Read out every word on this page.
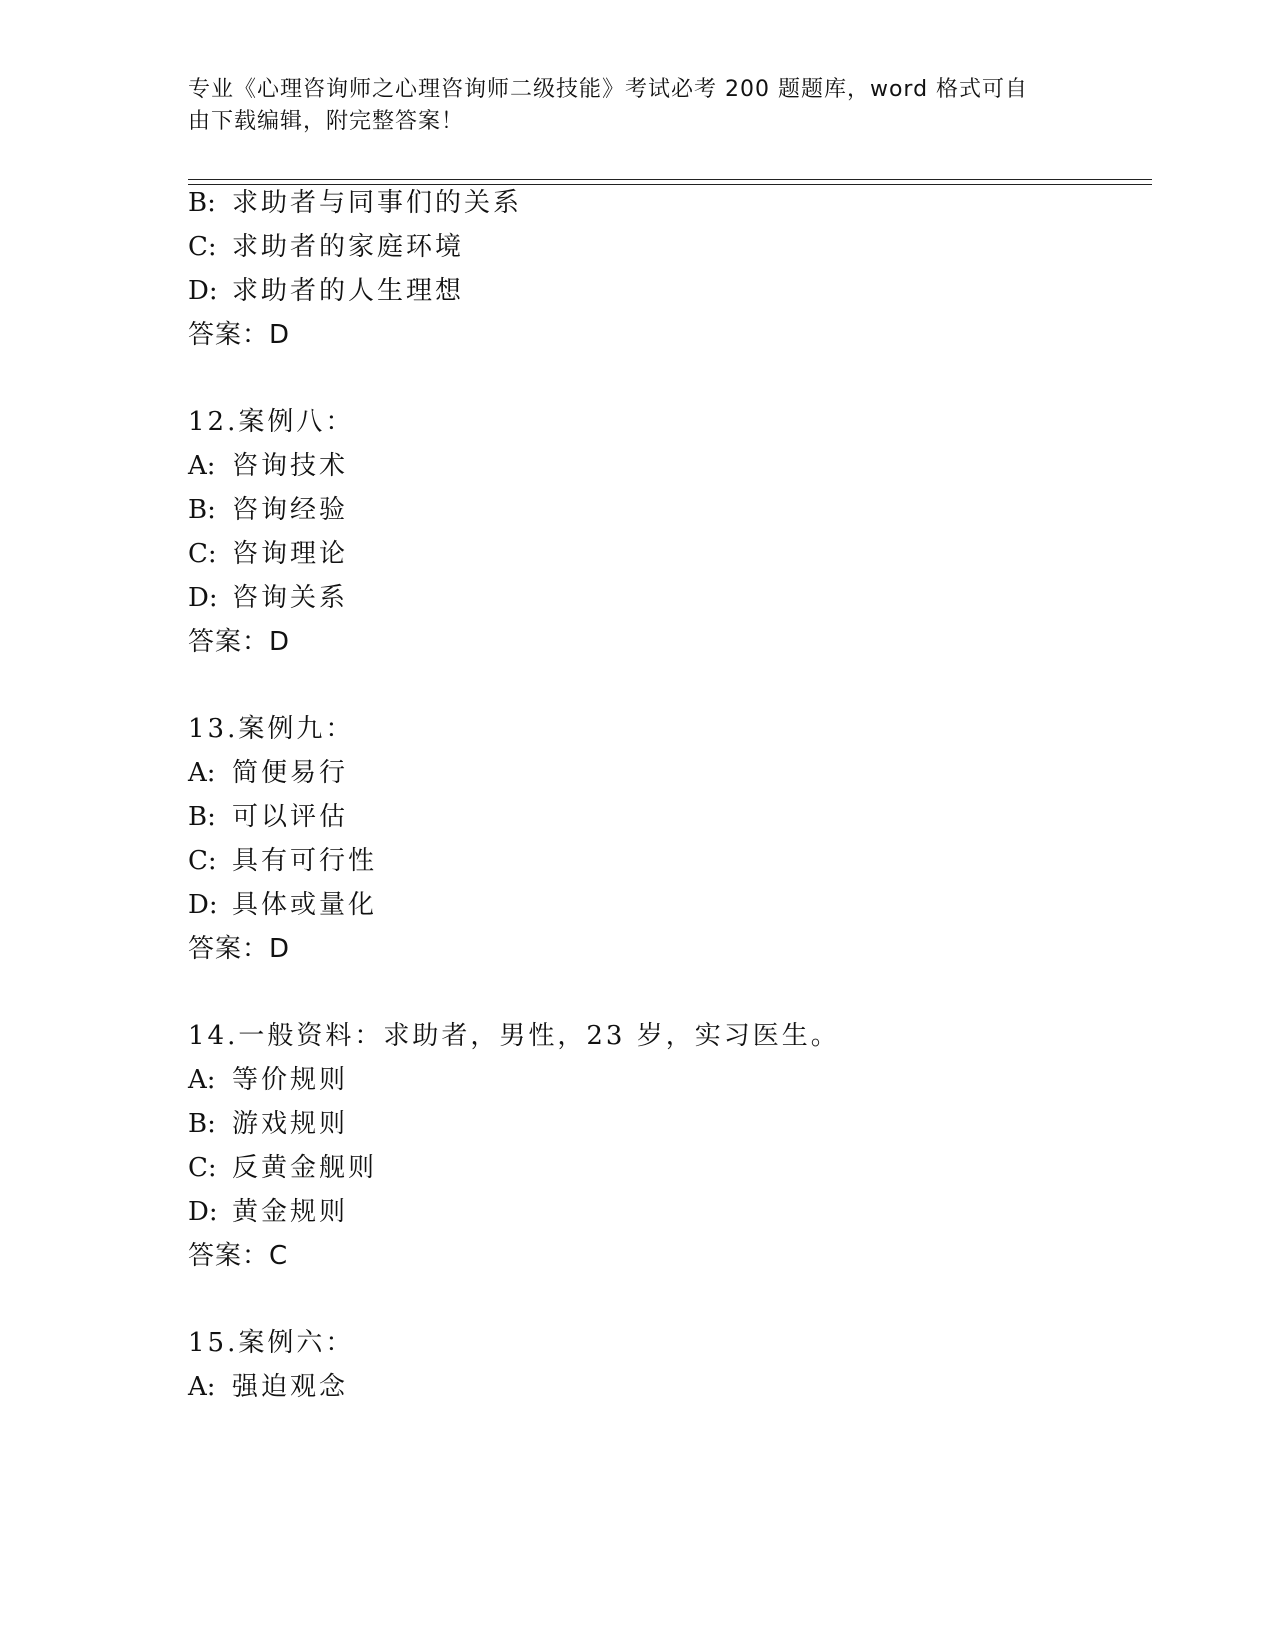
专业《心理咨询师之心理咨询师二级技能》考试必考 200 题题库，word 格式可自
由下载编辑，附完整答案！
B: 求助者与同事们的关系
C: 求助者的家庭环境
D: 求助者的人生理想
答案：D
12.案例八：
A: 咨询技术
B: 咨询经验
C: 咨询理论
D: 咨询关系
答案：D
13.案例九：
A: 简便易行
B: 可以评估
C: 具有可行性
D: 具体或量化
答案：D
14.一般资料：求助者，男性，23 岁，实习医生。
A: 等价规则
B: 游戏规则
C: 反黄金舰则
D: 黄金规则
答案：C
15.案例六：
A: 强迫观念
